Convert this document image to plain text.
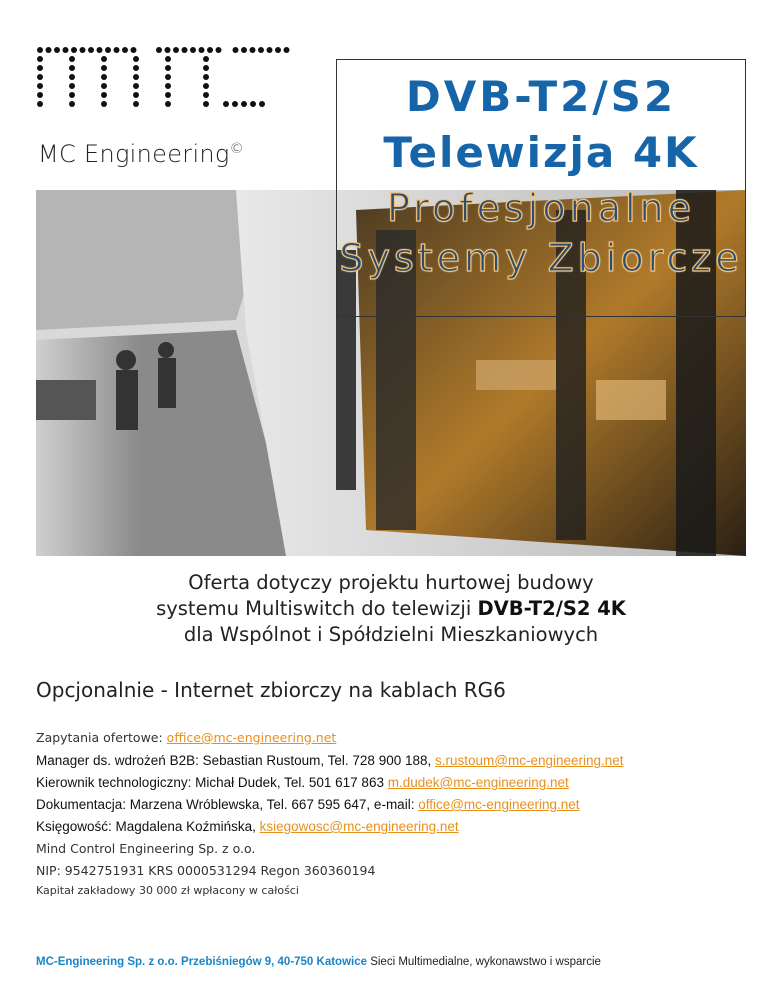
MC Engineering©
DVB-T2/S2
Telewizja 4K
Profesjonalne
Systemy Zbiorcze
Oferta dotyczy projektu hurtowej budowy
systemu Multiswitch do telewizji DVB-T2/S2 4K
dla Wspólnot i Spółdzielni Mieszkaniowych
Opcjonalnie - Internet zbiorczy na kablach RG6
Zapytania ofertowe: office@mc-engineering.net
Manager ds. wdrożeń B2B: Sebastian Rustoum, Tel. 728 900 188, s.rustoum@mc-engineering.net
Kierownik technologiczny: Michał Dudek, Tel. 501 617 863 m.dudek@mc-engineering.net
Dokumentacja: Marzena Wróblewska, Tel. 667 595 647, e-mail: office@mc-engineering.net
Księgowość: Magdalena Koźmińska, ksiegowosc@mc-engineering.net
Mind Control Engineering Sp. z o.o.
NIP: 9542751931 KRS 0000531294 Regon 360360194
Kapitał zakładowy 30 000 zł wpłacony w całości
MC-Engineering Sp. z o.o. Przebiśniegów 9, 40-750 Katowice Sieci Multimedialne, wykonawstwo i wsparcie
